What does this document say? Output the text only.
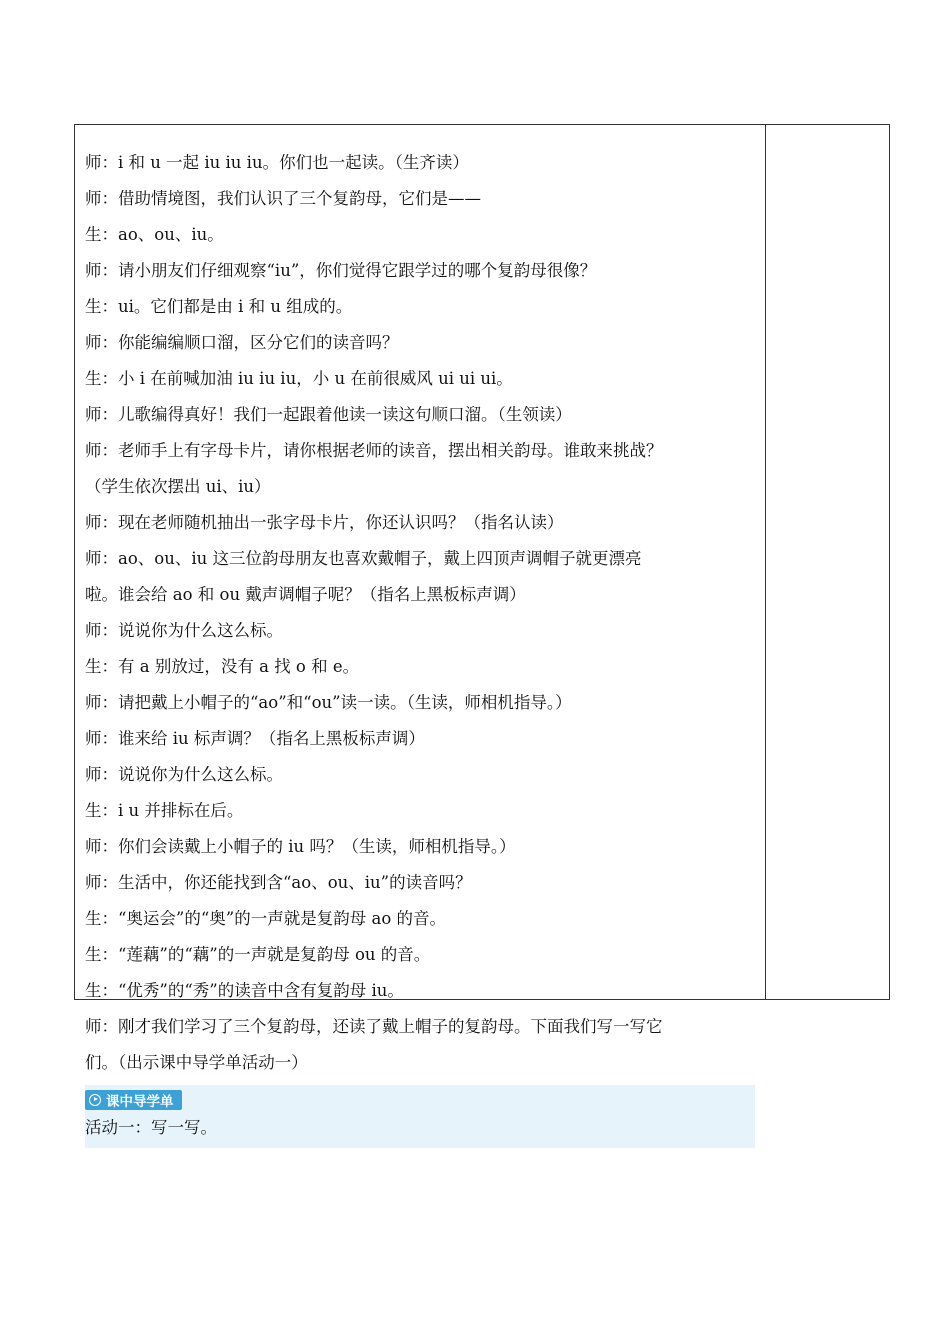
师：i 和 u 一起 iu iu iu。你们也一起读。（生齐读）
师：借助情境图，我们认识了三个复韵母，它们是——
生：ao、ou、iu。
师：请小朋友们仔细观察“iu”，你们觉得它跟学过的哪个复韵母很像？
生：ui。它们都是由 i 和 u 组成的。
师：你能编编顺口溜，区分它们的读音吗？
生：小 i 在前喊加油 iu iu iu，小 u 在前很威风 ui ui ui。
师：儿歌编得真好！我们一起跟着他读一读这句顺口溜。（生领读）
师：老师手上有字母卡片，请你根据老师的读音，摆出相关韵母。谁敢来挑战？
（学生依次摆出 ui、iu）
师：现在老师随机抽出一张字母卡片，你还认识吗？（指名认读）
师：ao、ou、iu 这三位韵母朋友也喜欢戴帽子，戴上四顶声调帽子就更漂亮
啦。谁会给 ao 和 ou 戴声调帽子呢？（指名上黑板标声调）
师：说说你为什么这么标。
生：有 a 别放过，没有 a 找 o 和 e。
师：请把戴上小帽子的“ao”和“ou”读一读。（生读，师相机指导。）
师：谁来给 iu 标声调？（指名上黑板标声调）
师：说说你为什么这么标。
生：i u 并排标在后。
师：你们会读戴上小帽子的 iu 吗？（生读，师相机指导。）
师：生活中，你还能找到含“ao、ou、iu”的读音吗？
生：“奥运会”的“奥”的一声就是复韵母 ao 的音。
生：“莲藕”的“藕”的一声就是复韵母 ou 的音。
生：“优秀”的“秀”的读音中含有复韵母 iu。
师：刚才我们学习了三个复韵母，还读了戴上帽子的复韵母。下面我们写一写它
们。（出示课中导学单活动一）
课中导学单
活动一：写一写。
